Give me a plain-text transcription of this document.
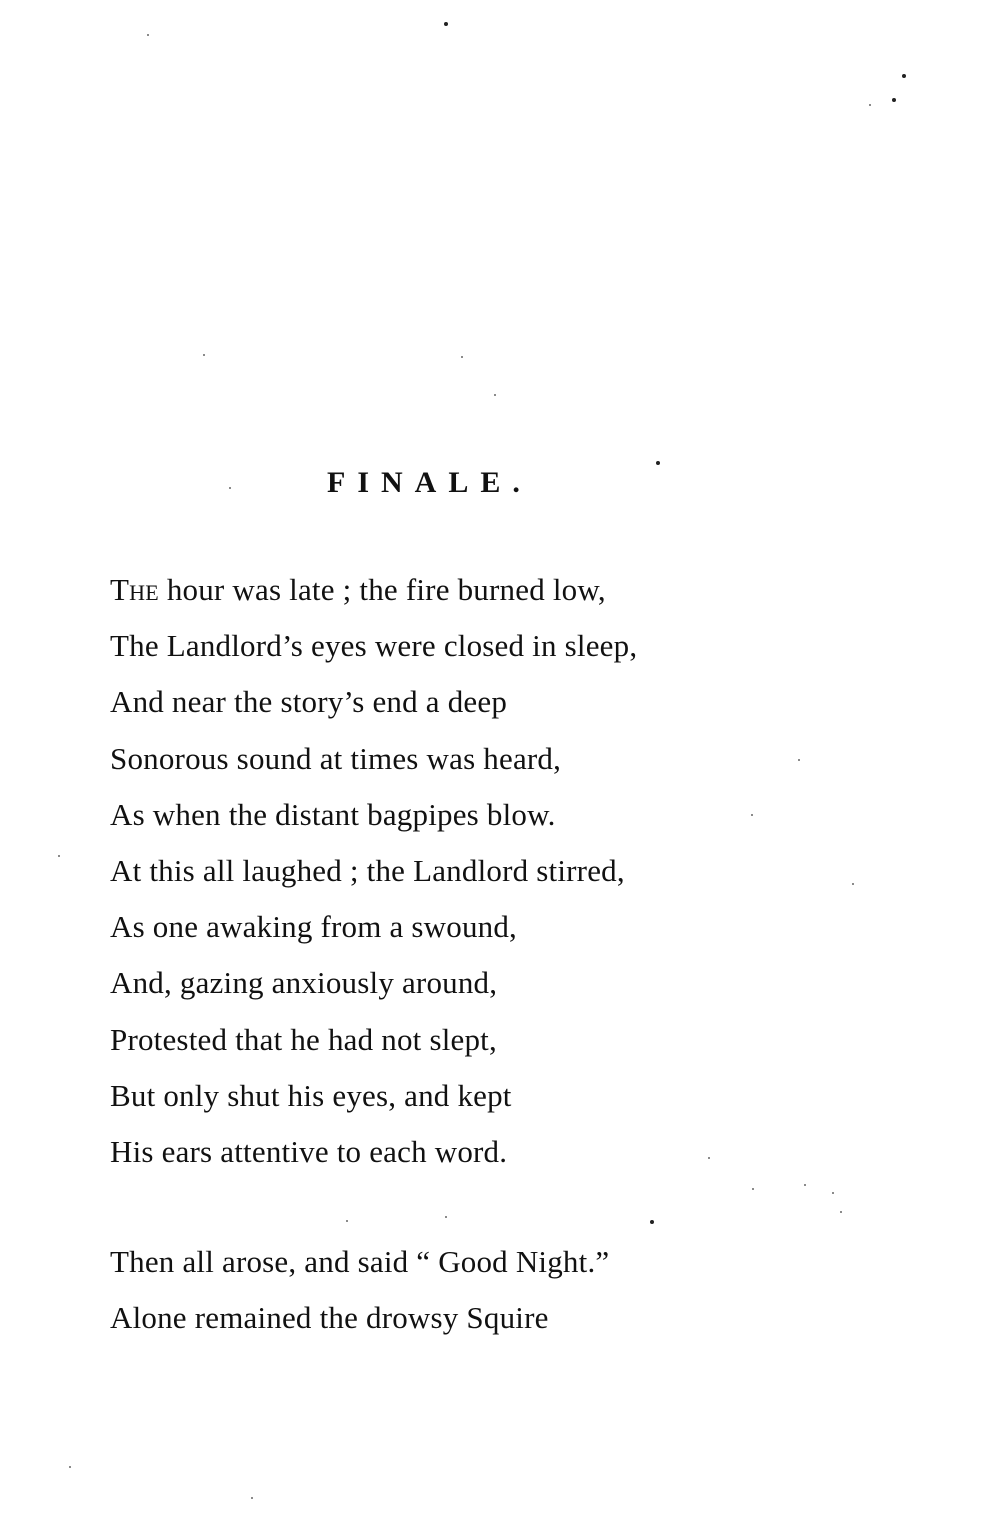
FINALE.
The hour was late ; the fire burned low,
The Landlord’s eyes were closed in sleep,
And near the story’s end a deep
Sonorous sound at times was heard,
As when the distant bagpipes blow.
At this all laughed ; the Landlord stirred,
As one awaking from a swound,
And, gazing anxiously around,
Protested that he had not slept,
But only shut his eyes, and kept
His ears attentive to each word.
Then all arose, and said “ Good Night.”
Alone remained the drowsy Squire
